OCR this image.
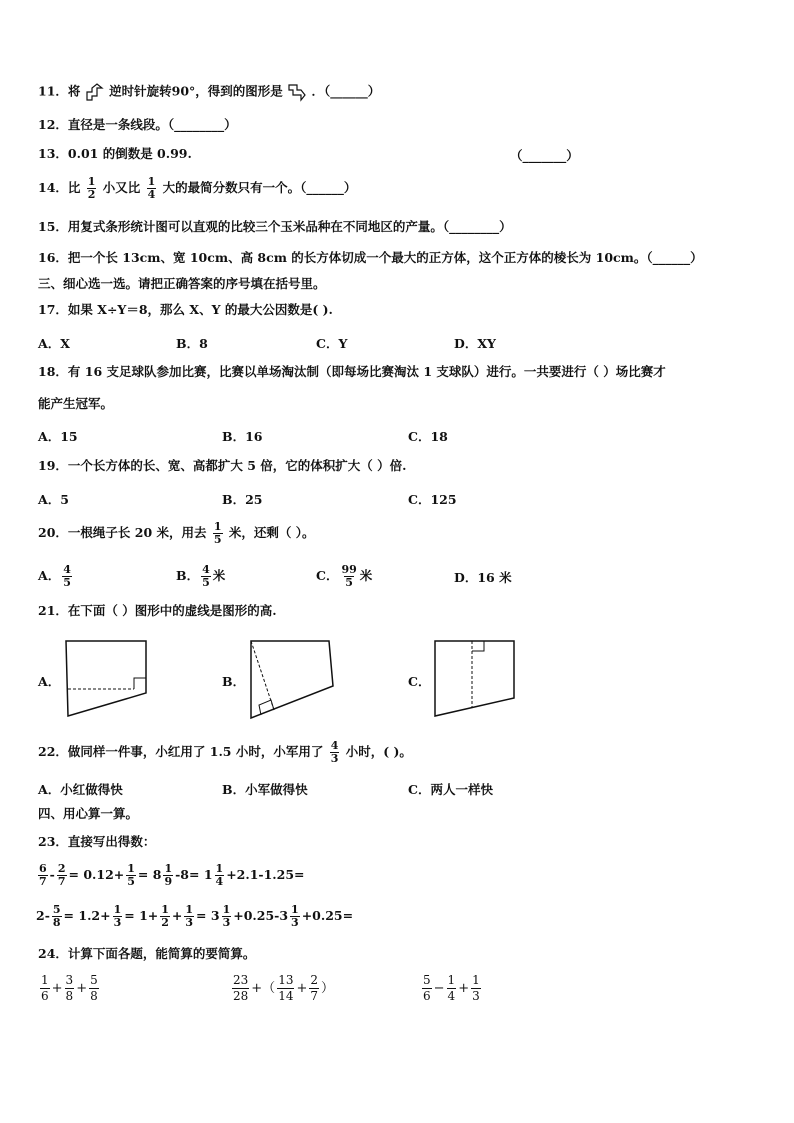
11．将 逆时针旋转90°，得到的图形是 ．（______）
12．直径是一条线段。（________）
13．0.01 的倒数是 0.99.	（_______）
14．比 $\frac{1}{2}$ 小又比 $\frac{1}{4}$ 大的最简分数只有一个。（______）
15．用复式条形统计图可以直观的比较三个玉米品种在不同地区的产量。（________）
16．把一个长 13cm、宽 10cm、高 8cm 的长方体切成一个最大的正方体，这个正方体的棱长为 10cm。（______）
三、细心选一选。请把正确答案的序号填在括号里。
17．如果 X÷Y＝8，那么 X、Y 的最大公因数是( ).
A．X	B．8	C．Y	D．XY
18．有 16 支足球队参加比赛，比赛以单场淘汰制（即每场比赛淘汰 1 支球队）进行。一共要进行（ ）场比赛才
能产生冠军。
A．15	B．16	C．18
19．一个长方体的长、宽、高都扩大 5 倍，它的体积扩大（ ）倍.
A．5	B．25	C．125
20．一根绳子长 20 米，用去 $\frac{1}{5}$ 米，还剩（ ）。
A． $\frac{4}{5}$	B． $\frac{4}{5}$ 米	C． $\frac{99}{5}$ 米	D．16 米
21．在下面（ ）图形中的虚线是图形的高.
A．	B．	C．
22．做同样一件事，小红用了 1.5 小时，小军用了 $\frac{4}{3}$ 小时，( )。
A．小红做得快	B．小军做得快	C．两人一样快
四、用心算一算。
23．直接写出得数：
$\frac{6}{7} - \frac{2}{7} = 0.12+ \frac{1}{5} = 8 \frac{1}{9} -8= 1 \frac{1}{4} +2.1-1.25=$
$2- \frac{5}{8} = 1.2+ \frac{1}{3} = 1+ \frac{1}{2} + \frac{1}{3} = 3 \frac{1}{3} +0.25-3 \frac{1}{3} +0.25=$
24．计算下面各题，能简算的要简算。
$\frac{1}{6} + \frac{3}{8} + \frac{5}{8}$	$\frac{23}{28}$ +（ $\frac{13}{14} + \frac{2}{7}$ ）	$\frac{5}{6} - \frac{1}{4} + \frac{1}{3}$
